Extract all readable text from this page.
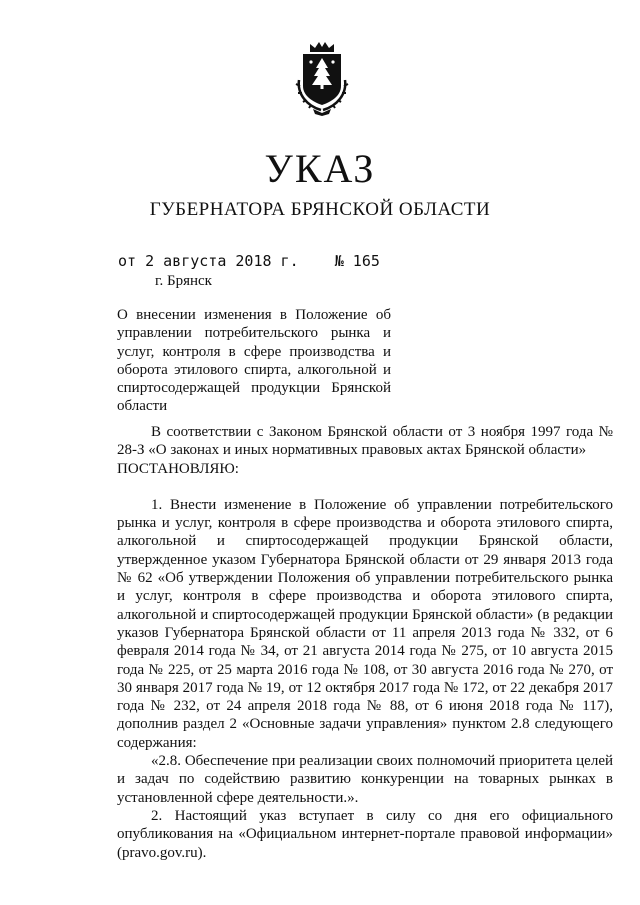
УКАЗ
ГУБЕРНАТОРА БРЯНСКОЙ ОБЛАСТИ
от 2 августа 2018 г. № 165
г. Брянск
О внесении изменения в Положение об управлении потребительского рынка и услуг, контроля в сфере производства и оборота этилового спирта, алкогольной и спиртосодержащей продукции Брянской области

В соответствии с Законом Брянской области от 3 ноября 1997 года № 28-З «О законах и иных нормативных правовых актах Брянской области»

ПОСТАНОВЛЯЮ:

1. Внести изменение в Положение об управлении потребительского рынка и услуг, контроля в сфере производства и оборота этилового спирта, алкогольной и спиртосодержащей продукции Брянской области, утвержденное указом Губернатора Брянской области от 29 января 2013 года № 62 «Об утверждении Положения об управлении потребительского рынка и услуг, контроля в сфере производства и оборота этилового спирта, алкогольной и спиртосодержащей продукции Брянской области» (в редакции указов Губернатора Брянской области от 11 апреля 2013 года № 332, от 6 февраля 2014 года № 34, от 21 августа 2014 года № 275, от 10 августа 2015 года № 225, от 25 марта 2016 года № 108, от 30 августа 2016 года № 270, от 30 января 2017 года № 19, от 12 октября 2017 года № 172, от 22 декабря 2017 года № 232, от 24 апреля 2018 года № 88, от 6 июня 2018 года № 117), дополнив раздел 2 «Основные задачи управления» пунктом 2.8 следующего содержания:

«2.8. Обеспечение при реализации своих полномочий приоритета целей и задач по содействию развитию конкуренции на товарных рынках в установленной сфере деятельности.».

2. Настоящий указ вступает в силу со дня его официального опубликования на «Официальном интернет-портале правовой информации» (pravo.gov.ru).
